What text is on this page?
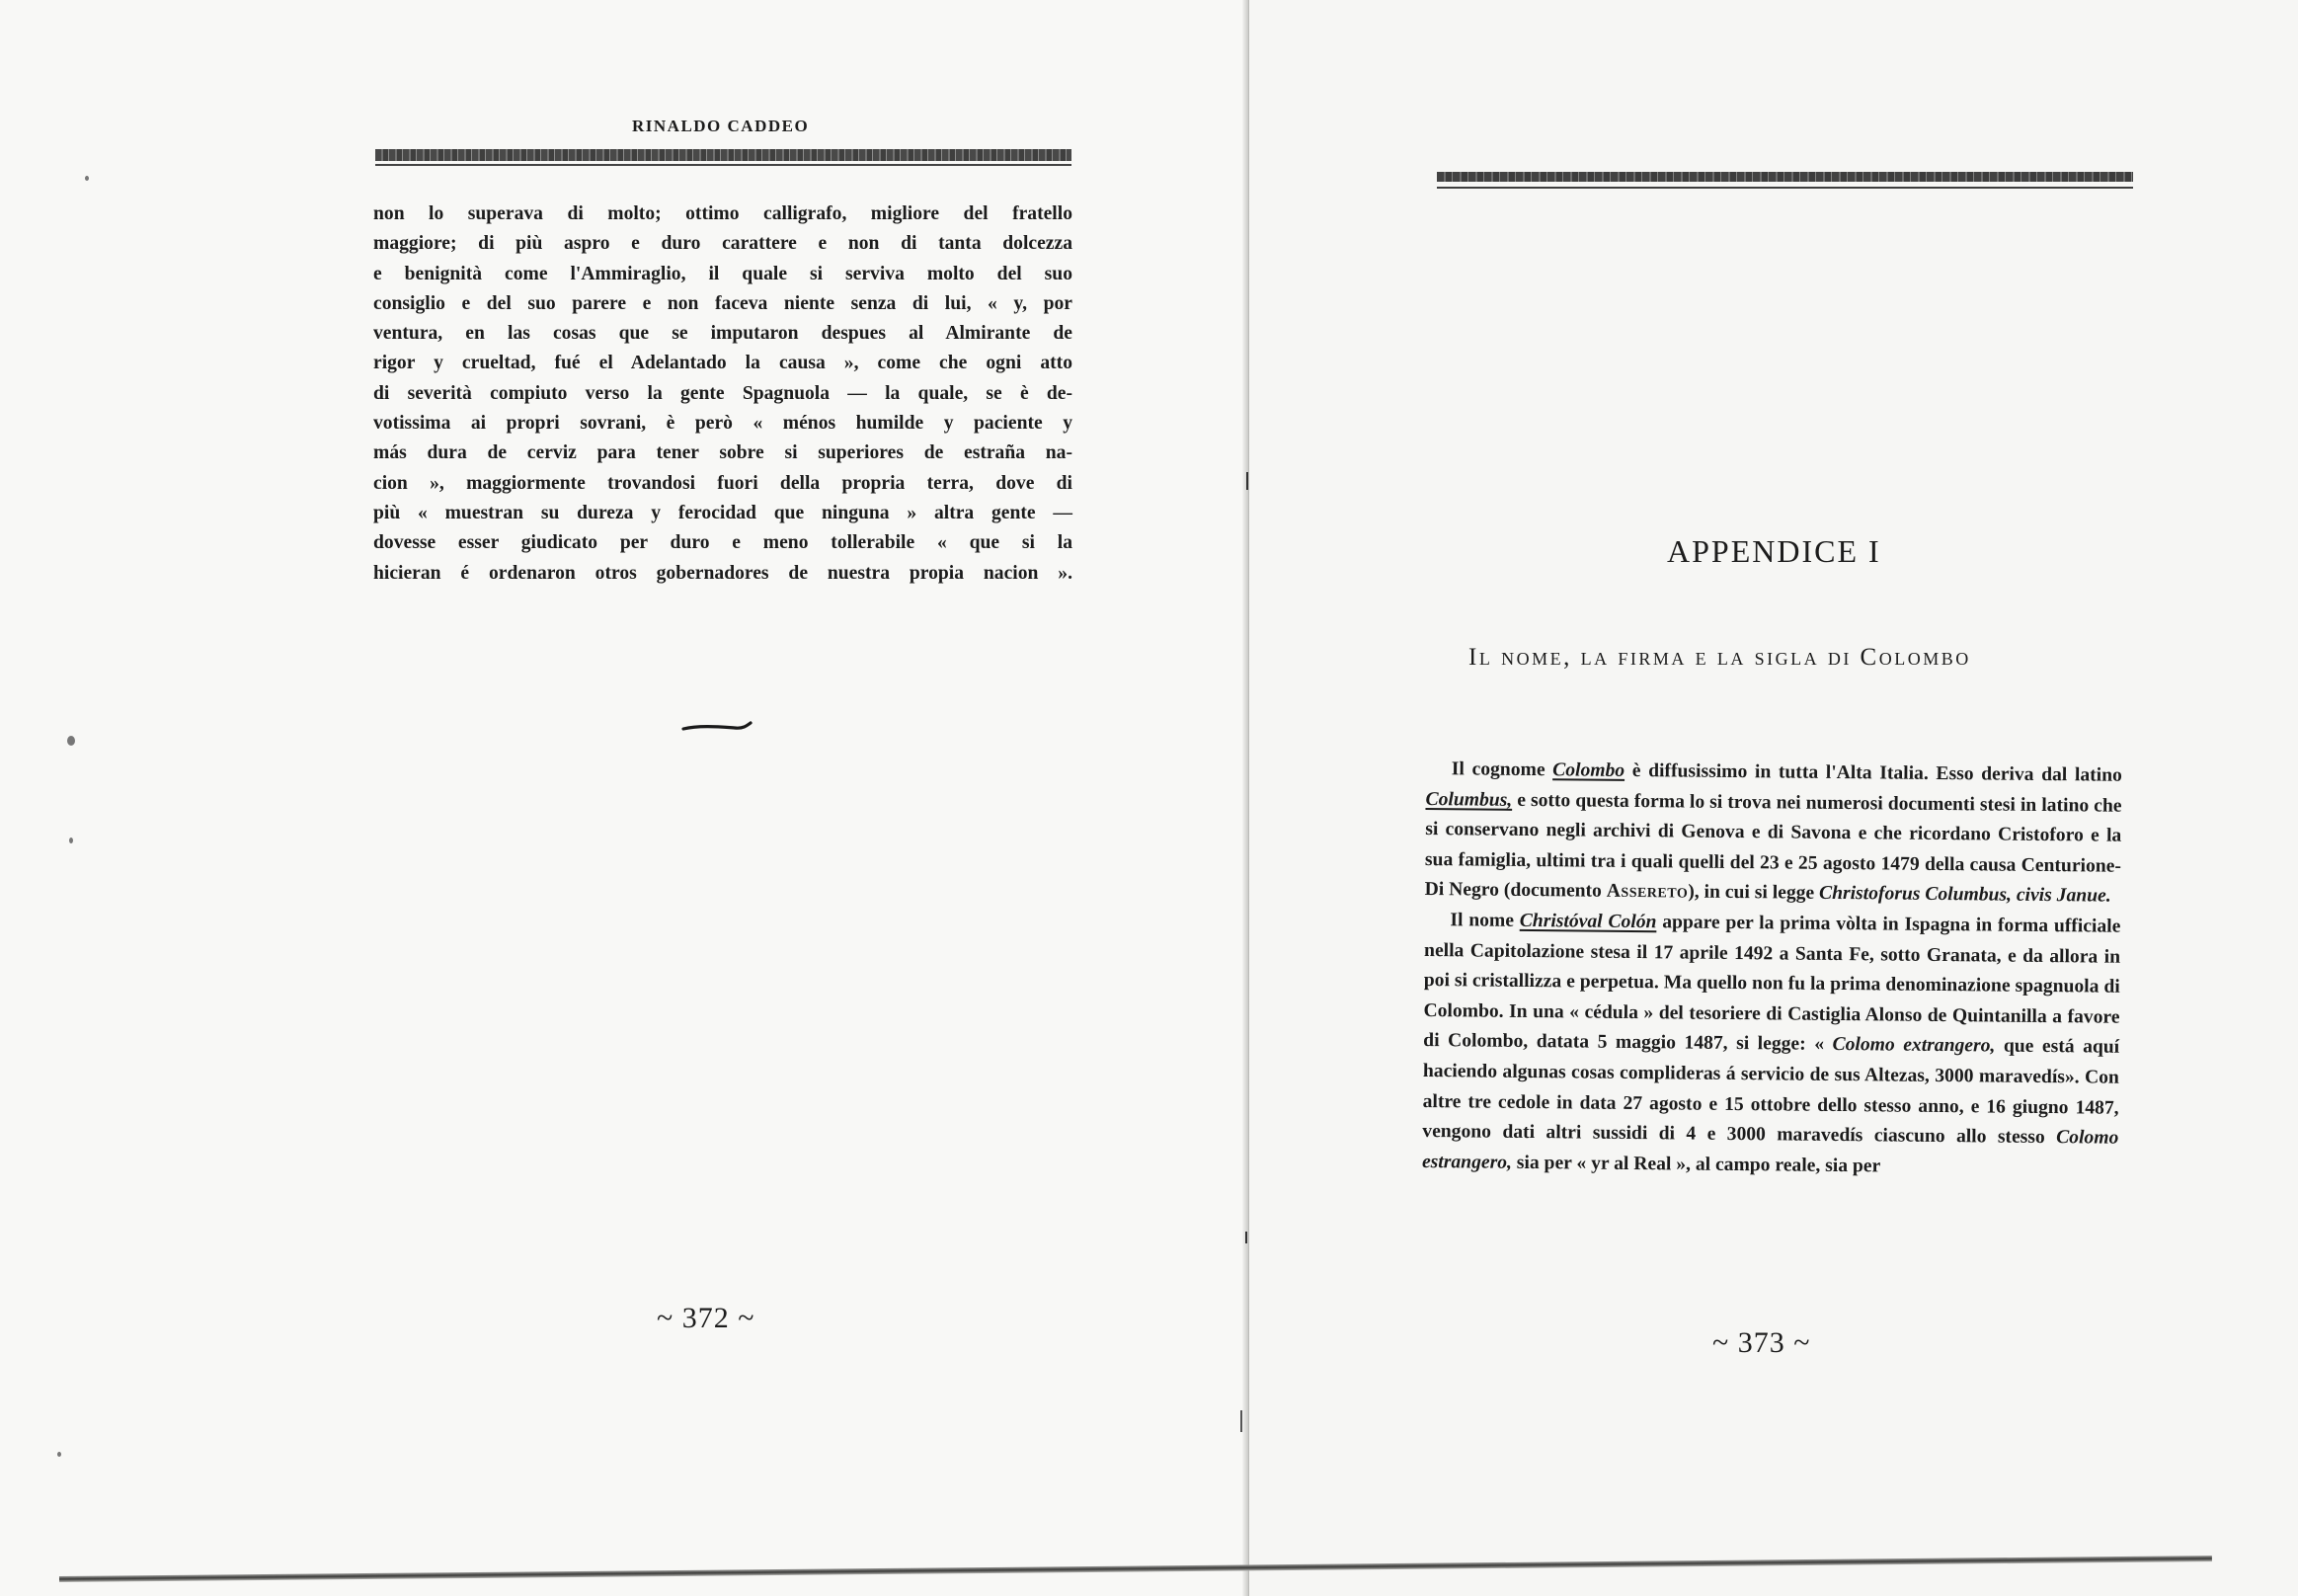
RINALDO CADDEO

non lo superava di molto; ottimo calligrafo, migliore del fratello

maggiore; di più aspro e duro carattere e non di tanta dolcezza

e benignità come l'Ammiraglio, il quale si serviva molto del suo

consiglio e del suo parere e non faceva niente senza di lui, « y, por

ventura, en las cosas que se imputaron despues al Almirante de

rigor y crueltad, fué el Adelantado la causa », come che ogni atto

di severità compiuto verso la gente Spagnuola — la quale, se è de-

votissima ai propri sovrani, è però « ménos humilde y paciente y

más dura de cerviz para tener sobre si superiores de estraña na-

cion », maggiormente trovandosi fuori della propria terra, dove di

più « muestran su dureza y ferocidad que ninguna » altra gente —

dovesse esser giudicato per duro e meno tollerabile « que si la

hicieran é ordenaron otros gobernadores de nuestra propia nacion ».

~ 372 ~
APPENDICE I
Il nome, la firma e la sigla di Colombo

Il cognome Colombo è diffusissimo in tutta l'Alta Italia. Esso deriva dal latino Columbus, e sotto questa forma lo si trova nei numerosi documenti stesi in latino che si conservano negli archivi di Genova e di Savona e che ricordano Cristoforo e la sua famiglia, ultimi tra i quali quelli del 23 e 25 agosto 1479 della causa Centurione-Di Negro (documento Assereto), in cui si legge Christoforus Columbus, civis Janue.

Il nome Christóval Colón appare per la prima vòlta in Ispagna in forma ufficiale nella Capitolazione stesa il 17 aprile 1492 a Santa Fe, sotto Granata, e da allora in poi si cristallizza e perpetua. Ma quello non fu la prima denominazione spagnuola di Colombo. In una « cédula » del tesoriere di Castiglia Alonso de Quintanilla a favore di Colombo, datata 5 maggio 1487, si legge: « Colomo extrangero, que está aquí haciendo algunas cosas complideras á servicio de sus Altezas, 3000 maravedís». Con altre tre cedole in data 27 agosto e 15 ottobre dello stesso anno, e 16 giugno 1487, vengono dati altri sussidi di 4 e 3000 maravedís ciascuno allo stesso Colomo estrangero, sia per « yr al Real », al campo reale, sia per

~ 373 ~
